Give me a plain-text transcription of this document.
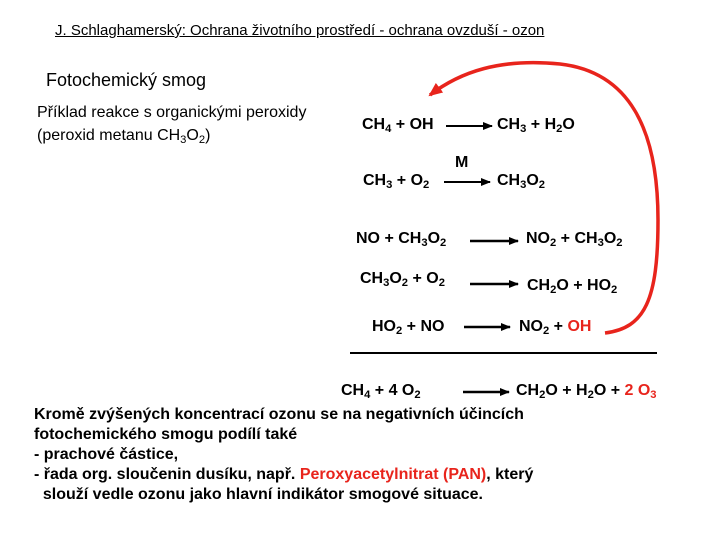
J. Schlaghamerský: Ochrana životního prostředí - ochrana ovzduší - ozon
Fotochemický smog
Příklad reakce s organickými peroxidy
(peroxid metanu $CH_3O_2$)
$CH_4$ + OH	$CH_3 + H_2O$
M
$CH_3 + O_2$	$CH_3O_2$
NO + $CH_3O_2$	$NO_2 + CH_3O_2$
$CH_3O_2 + O_2$	$CH_2O + HO_2$
$HO_2$ + NO	$NO_2$ + OH
$CH_4 + 4$ $O_2$	$CH_2O + H_2O + 2$ $O_3$
Kromě zvýšených koncentrací ozonu se na negativních účincích
fotochemického smogu podílí také
- prachové částice,
- řada org. sloučenin dusíku, např. Peroxyacetylnitrat (PAN), který
slouží vedle ozonu jako hlavní indikátor smogové situace.
